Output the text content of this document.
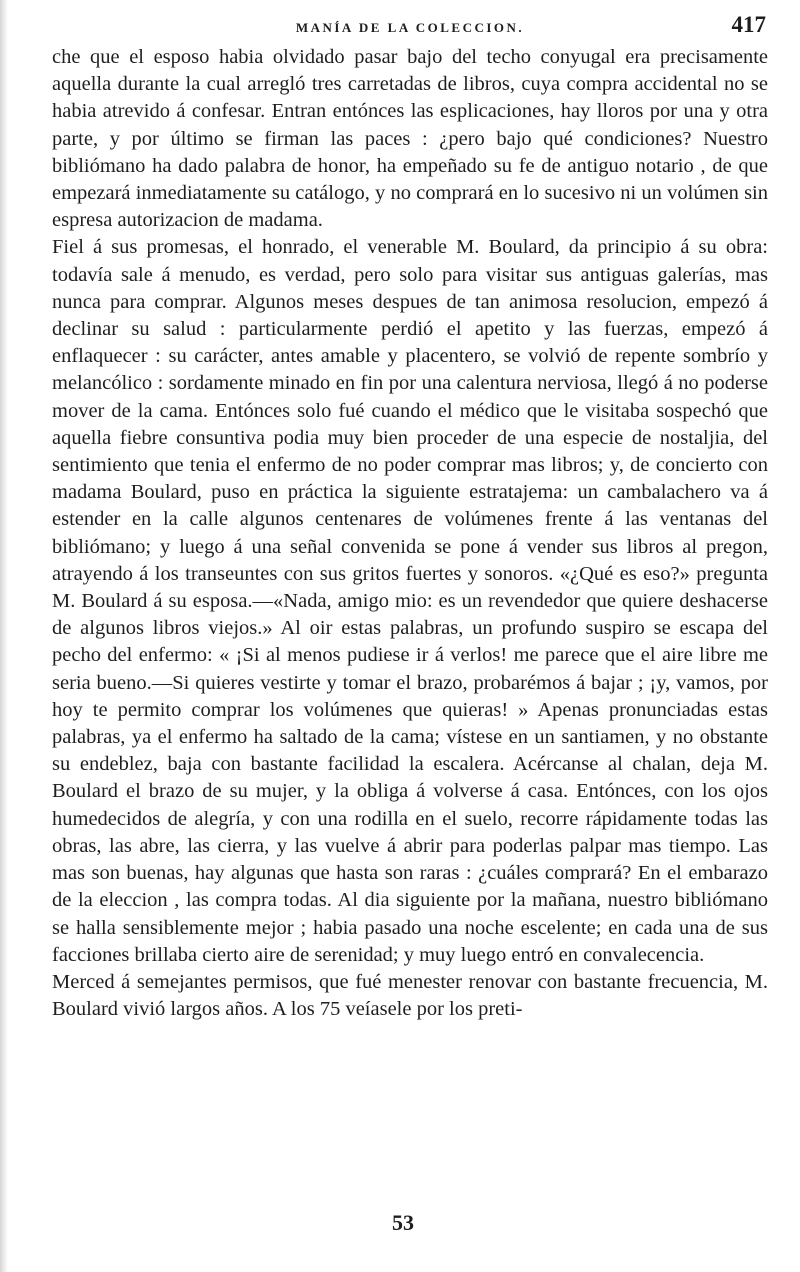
MANÍA DE LA COLECCION.	417

che que el esposo habia olvidado pasar bajo del techo conyugal era precisamente aquella durante la cual arregló tres carretadas de libros, cuya compra accidental no se habia atrevido á confesar. Entran entónces las esplicaciones, hay lloros por una y otra parte, y por último se firman las paces : ¿pero bajo qué condiciones? Nuestro bibliómano ha dado palabra de honor, ha empeñado su fe de antiguo notario , de que empezará inmediatamente su catálogo, y no comprará en lo sucesivo ni un volúmen sin espresa autorizacion de madama.

Fiel á sus promesas, el honrado, el venerable M. Boulard, da principio á su obra: todavía sale á menudo, es verdad, pero solo para visitar sus antiguas galerías, mas nunca para comprar. Algunos meses despues de tan animosa resolucion, empezó á declinar su salud : particularmente perdió el apetito y las fuerzas, empezó á enflaquecer : su carácter, antes amable y placentero, se volvió de repente sombrío y melancólico : sordamente minado en fin por una calentura nerviosa, llegó á no poderse mover de la cama. Entónces solo fué cuando el médico que le visitaba sospechó que aquella fiebre consuntiva podia muy bien proceder de una especie de nostaljia, del sentimiento que tenia el enfermo de no poder comprar mas libros; y, de concierto con madama Boulard, puso en práctica la siguiente estratajema: un cambalachero va á estender en la calle algunos centenares de volúmenes frente á las ventanas del bibliómano; y luego á una señal convenida se pone á vender sus libros al pregon, atrayendo á los transeuntes con sus gritos fuertes y sonoros. «¿Qué es eso?» pregunta M. Boulard á su esposa.—«Nada, amigo mio: es un revendedor que quiere deshacerse de algunos libros viejos.» Al oir estas palabras, un profundo suspiro se escapa del pecho del enfermo: « ¡Si al menos pudiese ir á verlos! me parece que el aire libre me seria bueno.—Si quieres vestirte y tomar el brazo, probarémos á bajar ; ¡y, vamos, por hoy te permito comprar los volúmenes que quieras! » Apenas pronunciadas estas palabras, ya el enfermo ha saltado de la cama; vístese en un santiamen, y no obstante su endeblez, baja con bastante facilidad la escalera. Acércanse al chalan, deja M. Boulard el brazo de su mujer, y la obliga á volverse á casa. Entónces, con los ojos humedecidos de alegría, y con una rodilla en el suelo, recorre rápidamente todas las obras, las abre, las cierra, y las vuelve á abrir para poderlas palpar mas tiempo. Las mas son buenas, hay algunas que hasta son raras : ¿cuáles comprará? En el embarazo de la eleccion , las compra todas. Al dia siguiente por la mañana, nuestro bibliómano se halla sensiblemente mejor ; habia pasado una noche escelente; en cada una de sus facciones brillaba cierto aire de serenidad; y muy luego entró en convalecencia.

Merced á semejantes permisos, que fué menester renovar con bastante frecuencia, M. Boulard vivió largos años. A los 75 veíasele por los preti-

53
